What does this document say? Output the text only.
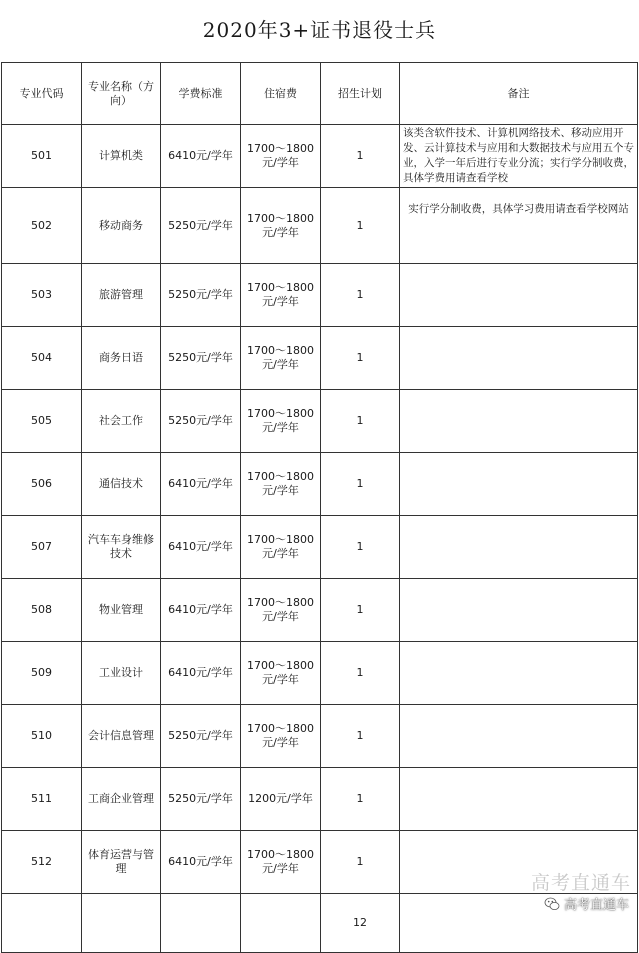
2020年3+证书退役士兵
专业代码	专业名称（方向）	学费标准	住宿费	招生计划	备注
501	计算机类	6410元/学年	1700～1800元/学年	1	该类含软件技术、计算机网络技术、移动应用开发、云计算技术与应用和大数据技术与应用五个专业，入学一年后进行专业分流；实行学分制收费，具体学费用请查看学校
502	移动商务	5250元/学年	1700～1800元/学年	1	实行学分制收费，具体学习费用请查看学校网站
503	旅游管理	5250元/学年	1700～1800元/学年	1	
504	商务日语	5250元/学年	1700～1800元/学年	1	
505	社会工作	5250元/学年	1700～1800元/学年	1	
506	通信技术	6410元/学年	1700～1800元/学年	1	
507	汽车车身维修技术	6410元/学年	1700～1800元/学年	1	
508	物业管理	6410元/学年	1700～1800元/学年	1	
509	工业设计	6410元/学年	1700～1800元/学年	1	
510	会计信息管理	5250元/学年	1700～1800元/学年	1	
511	工商企业管理	5250元/学年	1200元/学年	1	
512	体育运营与管理	6410元/学年	1700～1800元/学年	1	
				12	
高考直通车
高考直通车
